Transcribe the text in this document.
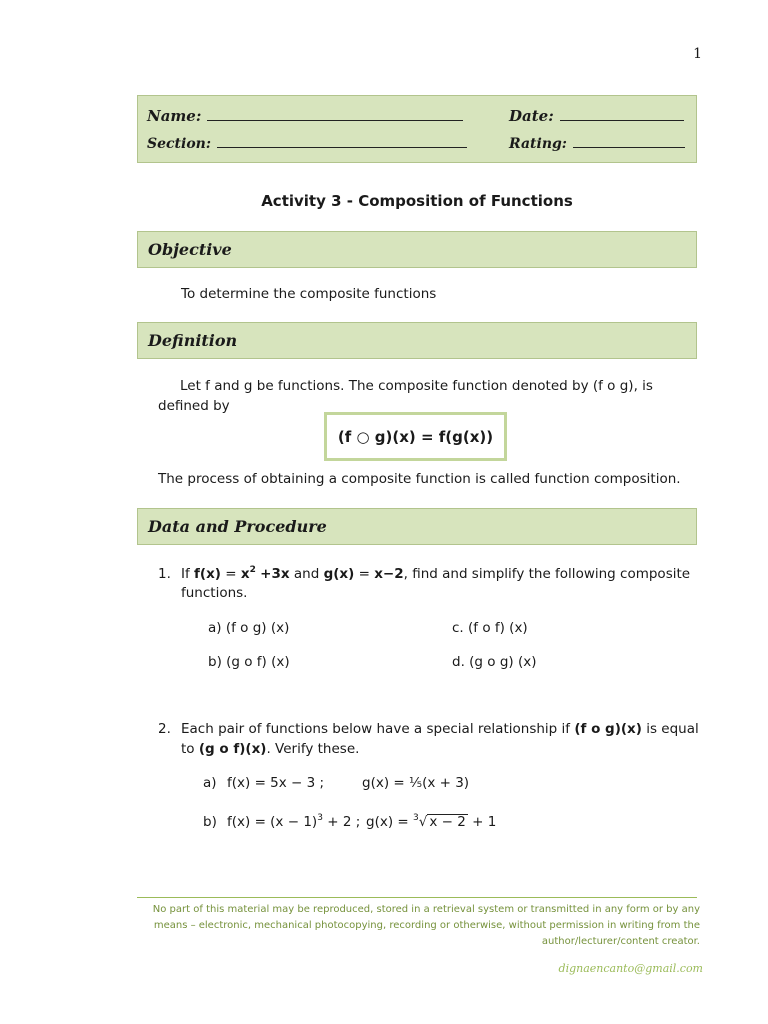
1
Name:	Date:
Section:	Rating:
Activity 3 - Composition of Functions
Objective
To determine the composite functions
Definition
Let f and g be functions. The composite function denoted by (f ο g), is
defined by
(f ○ g)(x) = f(g(x))
The process of obtaining a composite function is called function composition.
Data and Procedure
1. If $f(x) = x^2 +3x$ and g(x) = x−2, find and simplify the following composite
functions.
a) (f ο g) (x)	c. (f ο f) (x)
b) (g ο f) (x)	d. (g ο g) (x)
2. Each pair of functions below have a special relationship if (f ο g)(x) is equal
to (g ο f)(x). Verify these.
a) f(x) = 5x − 3 ;	g(x) = ⅕(x + 3)
b) $f(x) = (x - 1)^3 + 2$ ; g(x) = $^3$√ x − 2 + 1
No part of this material may be reproduced, stored in a retrieval system or transmitted in any form or by any
means – electronic, mechanical photocopying, recording or otherwise, without permission in writing from the
author/lecturer/content creator.
dignaencanto@gmail.com
